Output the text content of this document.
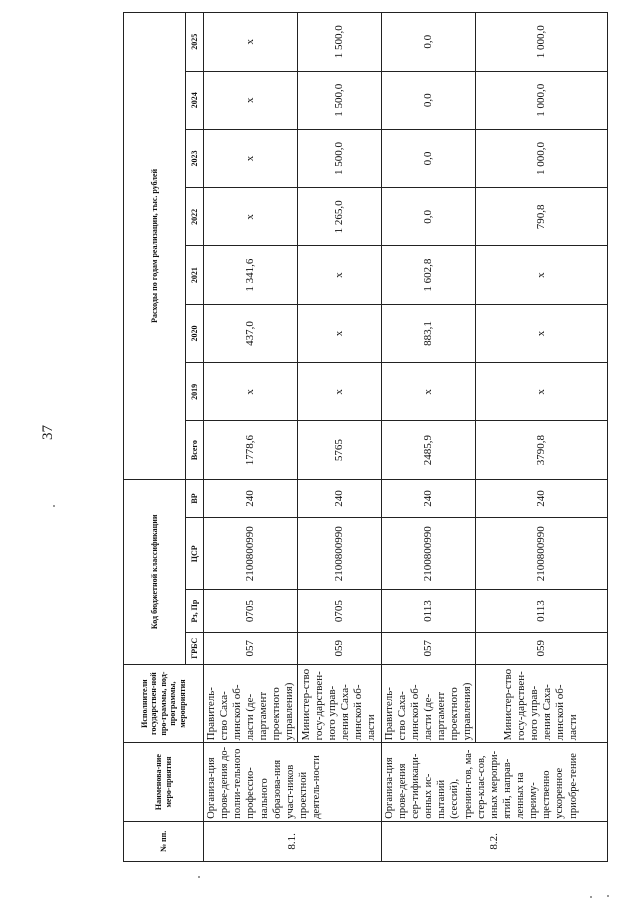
37
№ пп.	Наименова-ние меро-приятия	Исполнители государствен-ной про-граммы, под-программы, мероприятия	Код бюджетной классификации				Расходы по годам реализации, тыс. рублей							
			ГРБС	Рз, Пр	ЦСР	ВР	Всего	2019	2020	2021	2022	2023	2024	2025
8.1.	Организа-ция прове-дения до-полни-тельного профессио-нального образова-ния участ-ников проектной деятель-ности	Правитель-ство Саха-линской об-ласти (де-партамент проектного управления)	057	0705	2100800990	240	1778,6	х	437,0	1 341,6	х	х	х	х
		Министер-ство госу-дарствен-ного управ-ления Саха-линской об-ласти	059	0705	2100800990	240	5765	х	х	х	1 265,0	1 500,0	1 500,0	1 500,0
8.2.	Организа-ция прове-дения сер-тификаци-онных ис-пытаний (сессий), тренин-гов, ма-стер-клас-сов, иных меропри-ятий, направ-ленных на преиму-щественно ускоренное приобре-тение	Правитель-ство Саха-линской об-ласти (де-партамент проектного управления)	057	0113	2100800990	240	2485,9	х	883,1	1 602,8	0,0	0,0	0,0	0,0
		Министер-ство госу-дарствен-ного управ-ления Саха-линской об-ласти	059	0113	2100800990	240	3790,8	х	х	х	790,8	1 000,0	1 000,0	1 000,0
